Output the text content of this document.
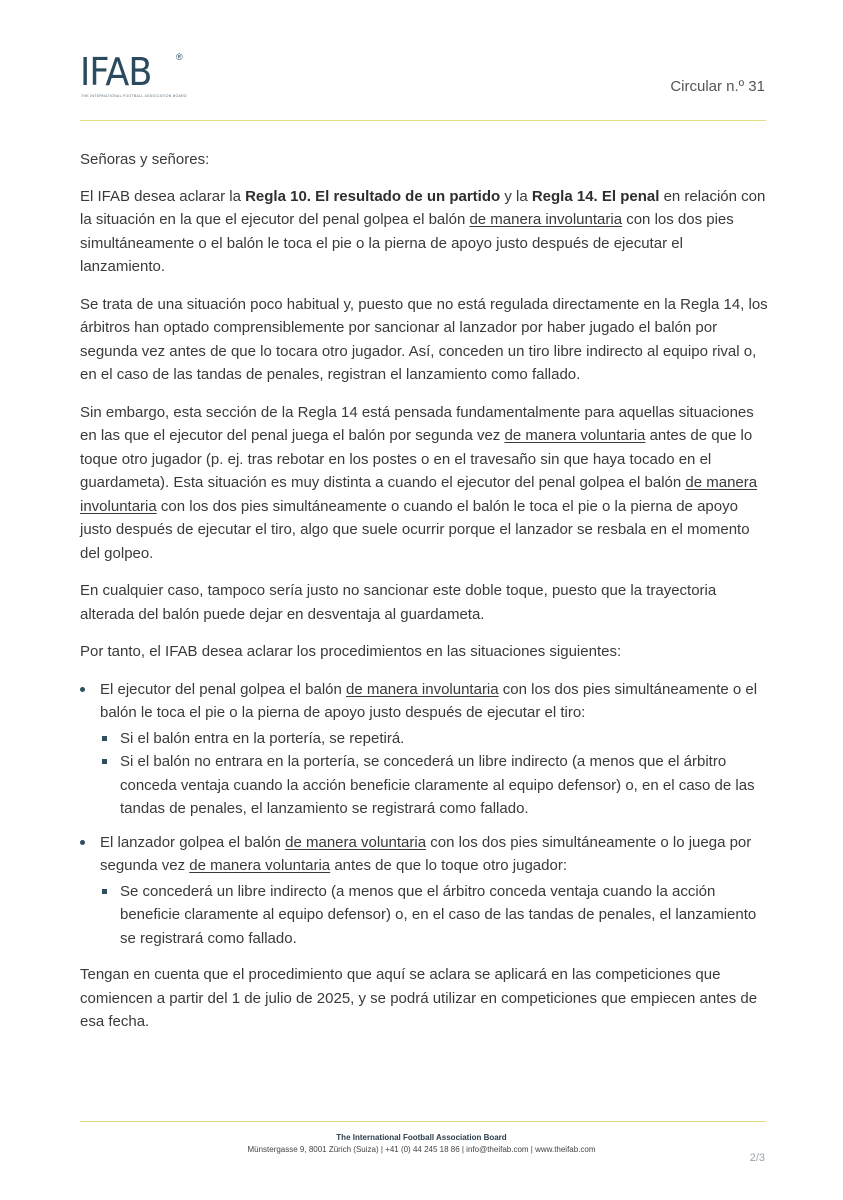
IFAB	®
THE INTERNATIONAL FOOTBALL ASSOCIATION BOARD
Circular n.º 31

Señoras y señores:

El IFAB desea aclarar la Regla 10. El resultado de un partido y la Regla 14. El penal en relación con la situación en la que el ejecutor del penal golpea el balón de manera involuntaria con los dos pies simultáneamente o el balón le toca el pie o la pierna de apoyo justo después de ejecutar el lanzamiento.

Se trata de una situación poco habitual y, puesto que no está regulada directamente en la Regla 14, los árbitros han optado comprensiblemente por sancionar al lanzador por haber jugado el balón por segunda vez antes de que lo tocara otro jugador. Así, conceden un tiro libre indirecto al equipo rival o, en el caso de las tandas de penales, registran el lanzamiento como fallado.

Sin embargo, esta sección de la Regla 14 está pensada fundamentalmente para aquellas situaciones en las que el ejecutor del penal juega el balón por segunda vez de manera voluntaria antes de que lo toque otro jugador (p. ej. tras rebotar en los postes o en el travesaño sin que haya tocado en el guardameta). Esta situación es muy distinta a cuando el ejecutor del penal golpea el balón de manera involuntaria con los dos pies simultáneamente o cuando el balón le toca el pie o la pierna de apoyo justo después de ejecutar el tiro, algo que suele ocurrir porque el lanzador se resbala en el momento del golpeo.

En cualquier caso, tampoco sería justo no sancionar este doble toque, puesto que la trayectoria alterada del balón puede dejar en desventaja al guardameta.

Por tanto, el IFAB desea aclarar los procedimientos en las situaciones siguientes:

El ejecutor del penal golpea el balón de manera involuntaria con los dos pies simultáneamente o el balón le toca el pie o la pierna de apoyo justo después de ejecutar el tiro:
Si el balón entra en la portería, se repetirá.
Si el balón no entrara en la portería, se concederá un libre indirecto (a menos que el árbitro conceda ventaja cuando la acción beneficie claramente al equipo defensor) o, en el caso de las tandas de penales, el lanzamiento se registrará como fallado.
El lanzador golpea el balón de manera voluntaria con los dos pies simultáneamente o lo juega por segunda vez de manera voluntaria antes de que lo toque otro jugador:
Se concederá un libre indirecto (a menos que el árbitro conceda ventaja cuando la acción beneficie claramente al equipo defensor) o, en el caso de las tandas de penales, el lanzamiento se registrará como fallado.

Tengan en cuenta que el procedimiento que aquí se aclara se aplicará en las competiciones que comiencen a partir del 1 de julio de 2025, y se podrá utilizar en competiciones que empiecen antes de esa fecha.

The International Football Association Board
Münstergasse 9, 8001 Zürich (Suiza) | +41 (0) 44 245 18 86 | info@theifab.com | www.theifab.com
2/3
